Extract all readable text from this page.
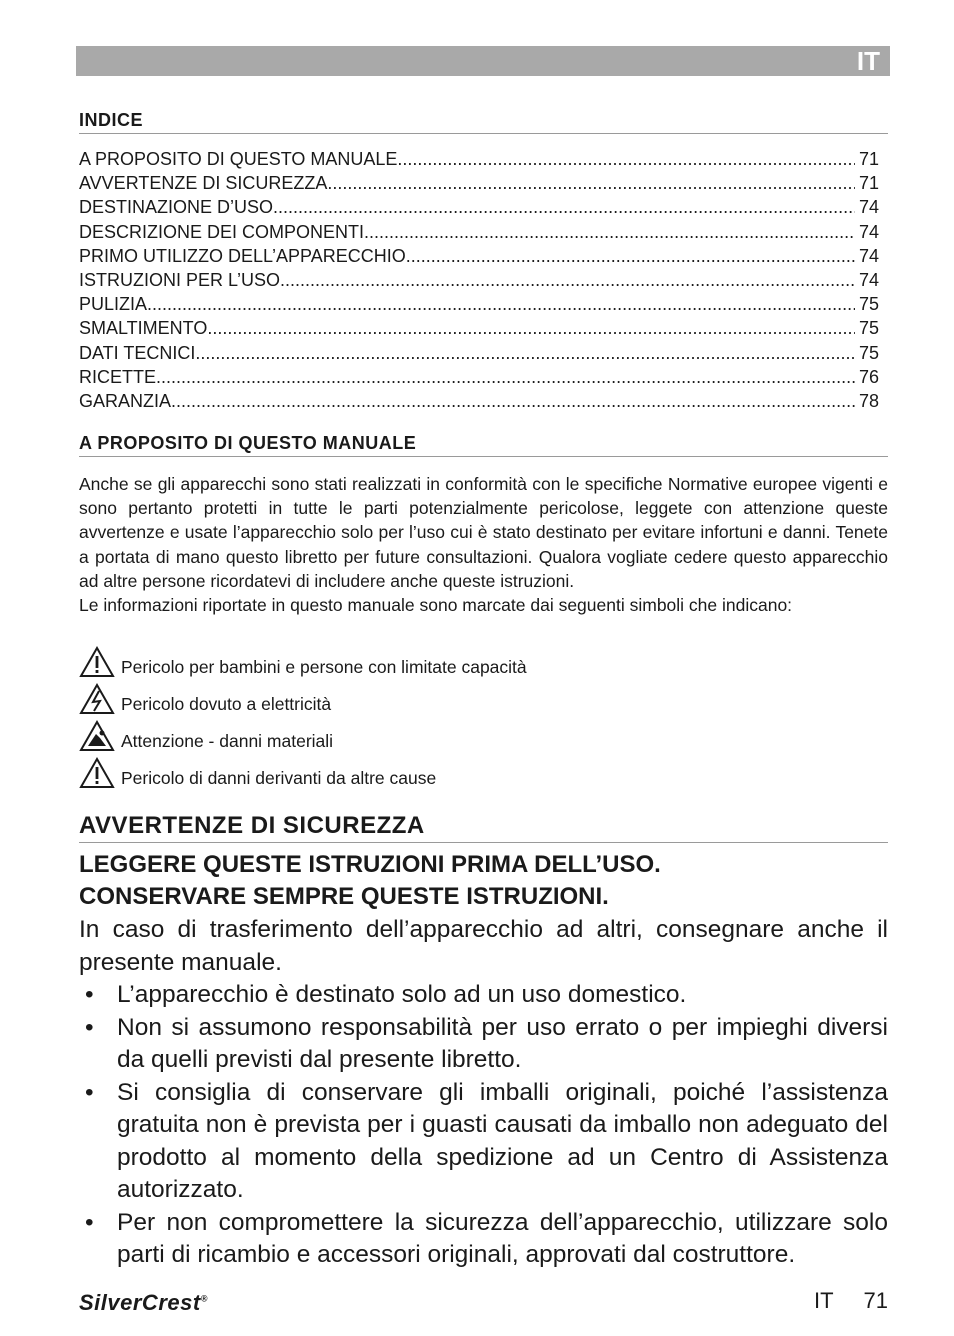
IT
INDICE
A PROPOSITO DI QUESTO MANUALE .....	71
AVVERTENZE DI SICUREZZA .....	71
DESTINAZIONE D’USO .....	74
DESCRIZIONE DEI COMPONENTI .....	74
PRIMO UTILIZZO DELL’APPARECCHIO .....	74
ISTRUZIONI PER L’USO .....	74
PULIZIA .....	75
SMALTIMENTO .....	75
DATI TECNICI .....	75
RICETTE .....	76
GARANZIA .....	78
A PROPOSITO DI QUESTO MANUALE

Anche se gli apparecchi sono stati realizzati in conformità con le specifiche Normative europee vigenti e sono pertanto protetti in tutte le parti potenzialmente pericolose, leggete con attenzione queste avvertenze e usate l’apparecchio solo per l’uso cui è stato destinato per evitare infortuni e danni. Tenete a portata di mano questo libretto per future consultazioni. Qualora vogliate cedere questo apparecchio ad altre persone ricordatevi di includere anche queste istruzioni.

Le informazioni riportate in questo manuale sono marcate dai seguenti simboli che indicano:

Pericolo per bambini e persone con limitate capacità
Pericolo dovuto a elettricità
Attenzione - danni materiali
Pericolo di danni derivanti da altre cause
AVVERTENZE DI SICUREZZA
LEGGERE QUESTE ISTRUZIONI PRIMA DELL’USO.
CONSERVARE SEMPRE QUESTE ISTRUZIONI.

In caso di trasferimento dell’apparecchio ad altri, consegnare anche il presente manuale.

• L’apparecchio è destinato solo ad un uso domestico.
• Non si assumono responsabilità per uso errato o per impieghi diversi da quelli previsti dal presente libretto.
• Si consiglia di conservare gli imballi originali, poiché l’assistenza gratuita non è prevista per i guasti causati da imballo non adeguato del prodotto al momento della spedizione ad un Centro di Assistenza autorizzato.
• Per non compromettere la sicurezza dell’apparecchio, utilizzare solo parti di ricambio e accessori originali, approvati dal costruttore.
SilverCrest®	IT 71
